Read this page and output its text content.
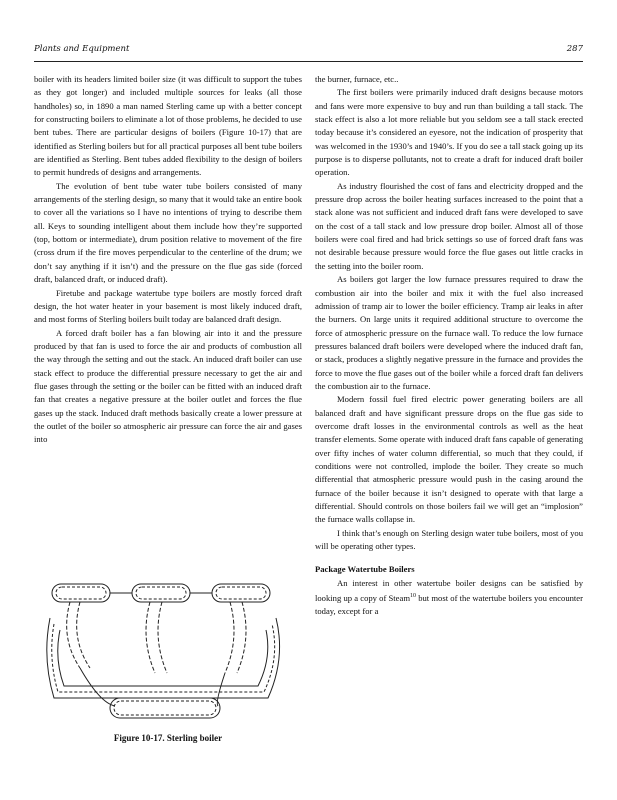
Plants and Equipment	287

boiler with its headers limited boiler size (it was difficult to support the tubes as they got longer) and included multiple sources for leaks (all those handholes) so, in 1890 a man named Sterling came up with a better concept for constructing boilers to eliminate a lot of those problems, he decided to use bent tubes. There are particular designs of boilers (Figure 10-17) that are identified as Sterling boilers but for all practical purposes all bent tube boilers are identified as Sterling. Bent tubes added flexibility to the design of boilers to permit hundreds of designs and arrangements.

The evolution of bent tube water tube boilers consisted of many arrangements of the sterling design, so many that it would take an entire book to cover all the variations so I have no intentions of trying to describe them all. Keys to sounding intelligent about them include how they’re supported (top, bottom or intermediate), drum position relative to movement of the fire (cross drum if the fire moves perpendicular to the centerline of the drum; we don’t say anything if it isn’t) and the pressure on the flue gas side (forced draft, balanced draft, or induced draft).

Firetube and package watertube type boilers are mostly forced draft design, the hot water heater in your basement is most likely induced draft, and most forms of Sterling boilers built today are balanced draft design.

A forced draft boiler has a fan blowing air into it and the pressure produced by that fan is used to force the air and products of combustion all the way through the setting and out the stack. An induced draft boiler can use stack effect to produce the differential pressure necessary to get the air and flue gases through the setting or the boiler can be fitted with an induced draft fan that creates a negative pressure at the boiler outlet and forces the flue gases up the stack. Induced draft methods basically create a lower pressure at the outlet of the boiler so atmospheric air pressure can force the air and gases into

Figure 10-17. Sterling boiler

the burner, furnace, etc..

The first boilers were primarily induced draft designs because motors and fans were more expensive to buy and run than building a tall stack. The stack effect is also a lot more reliable but you seldom see a tall stack erected today because it’s considered an eyesore, not the indication of prosperity that was welcomed in the 1930’s and 1940’s. If you do see a tall stack going up its purpose is to disperse pollutants, not to create a draft for induced draft boiler operation.

As industry flourished the cost of fans and electricity dropped and the pressure drop across the boiler heating surfaces increased to the point that a stack alone was not sufficient and induced draft fans were developed to save on the cost of a tall stack and low pressure drop boiler. Almost all of those boilers were coal fired and had brick settings so use of forced draft fans was not desirable because pressure would force the flue gases out little cracks in the setting into the boiler room.

As boilers got larger the low furnace pressures required to draw the combustion air into the boiler and mix it with the fuel also increased admission of tramp air to lower the boiler efficiency. Tramp air leaks in after the burners. On large units it required additional structure to overcome the force of atmospheric pressure on the furnace wall. To reduce the low furnace pressures balanced draft boilers were developed where the induced draft fan, or stack, produces a slightly negative pressure in the furnace and provides the force to move the flue gases out of the boiler while a forced draft fan delivers the combustion air to the furnace.

Modern fossil fuel fired electric power generating boilers are all balanced draft and have significant pressure drops on the flue gas side to overcome draft losses in the environmental controls as well as the heat transfer elements. Some operate with induced draft fans capable of generating over fifty inches of water column differential, so much that they could, if conditions were not controlled, implode the boiler. They create so much differential that atmospheric pressure would push in the casing around the furnace of the boiler because it isn’t designed to operate with that large a differential. Should controls on those boilers fail we will get an “implosion” the furnace walls collapse in.

I think that’s enough on Sterling design water tube boilers, most of you will be operating other types.

Package Watertube Boilers

An interest in other watertube boiler designs can be satisfied by looking up a copy of Steam$^{10}$ but most of the watertube boilers you encounter today, except for a
